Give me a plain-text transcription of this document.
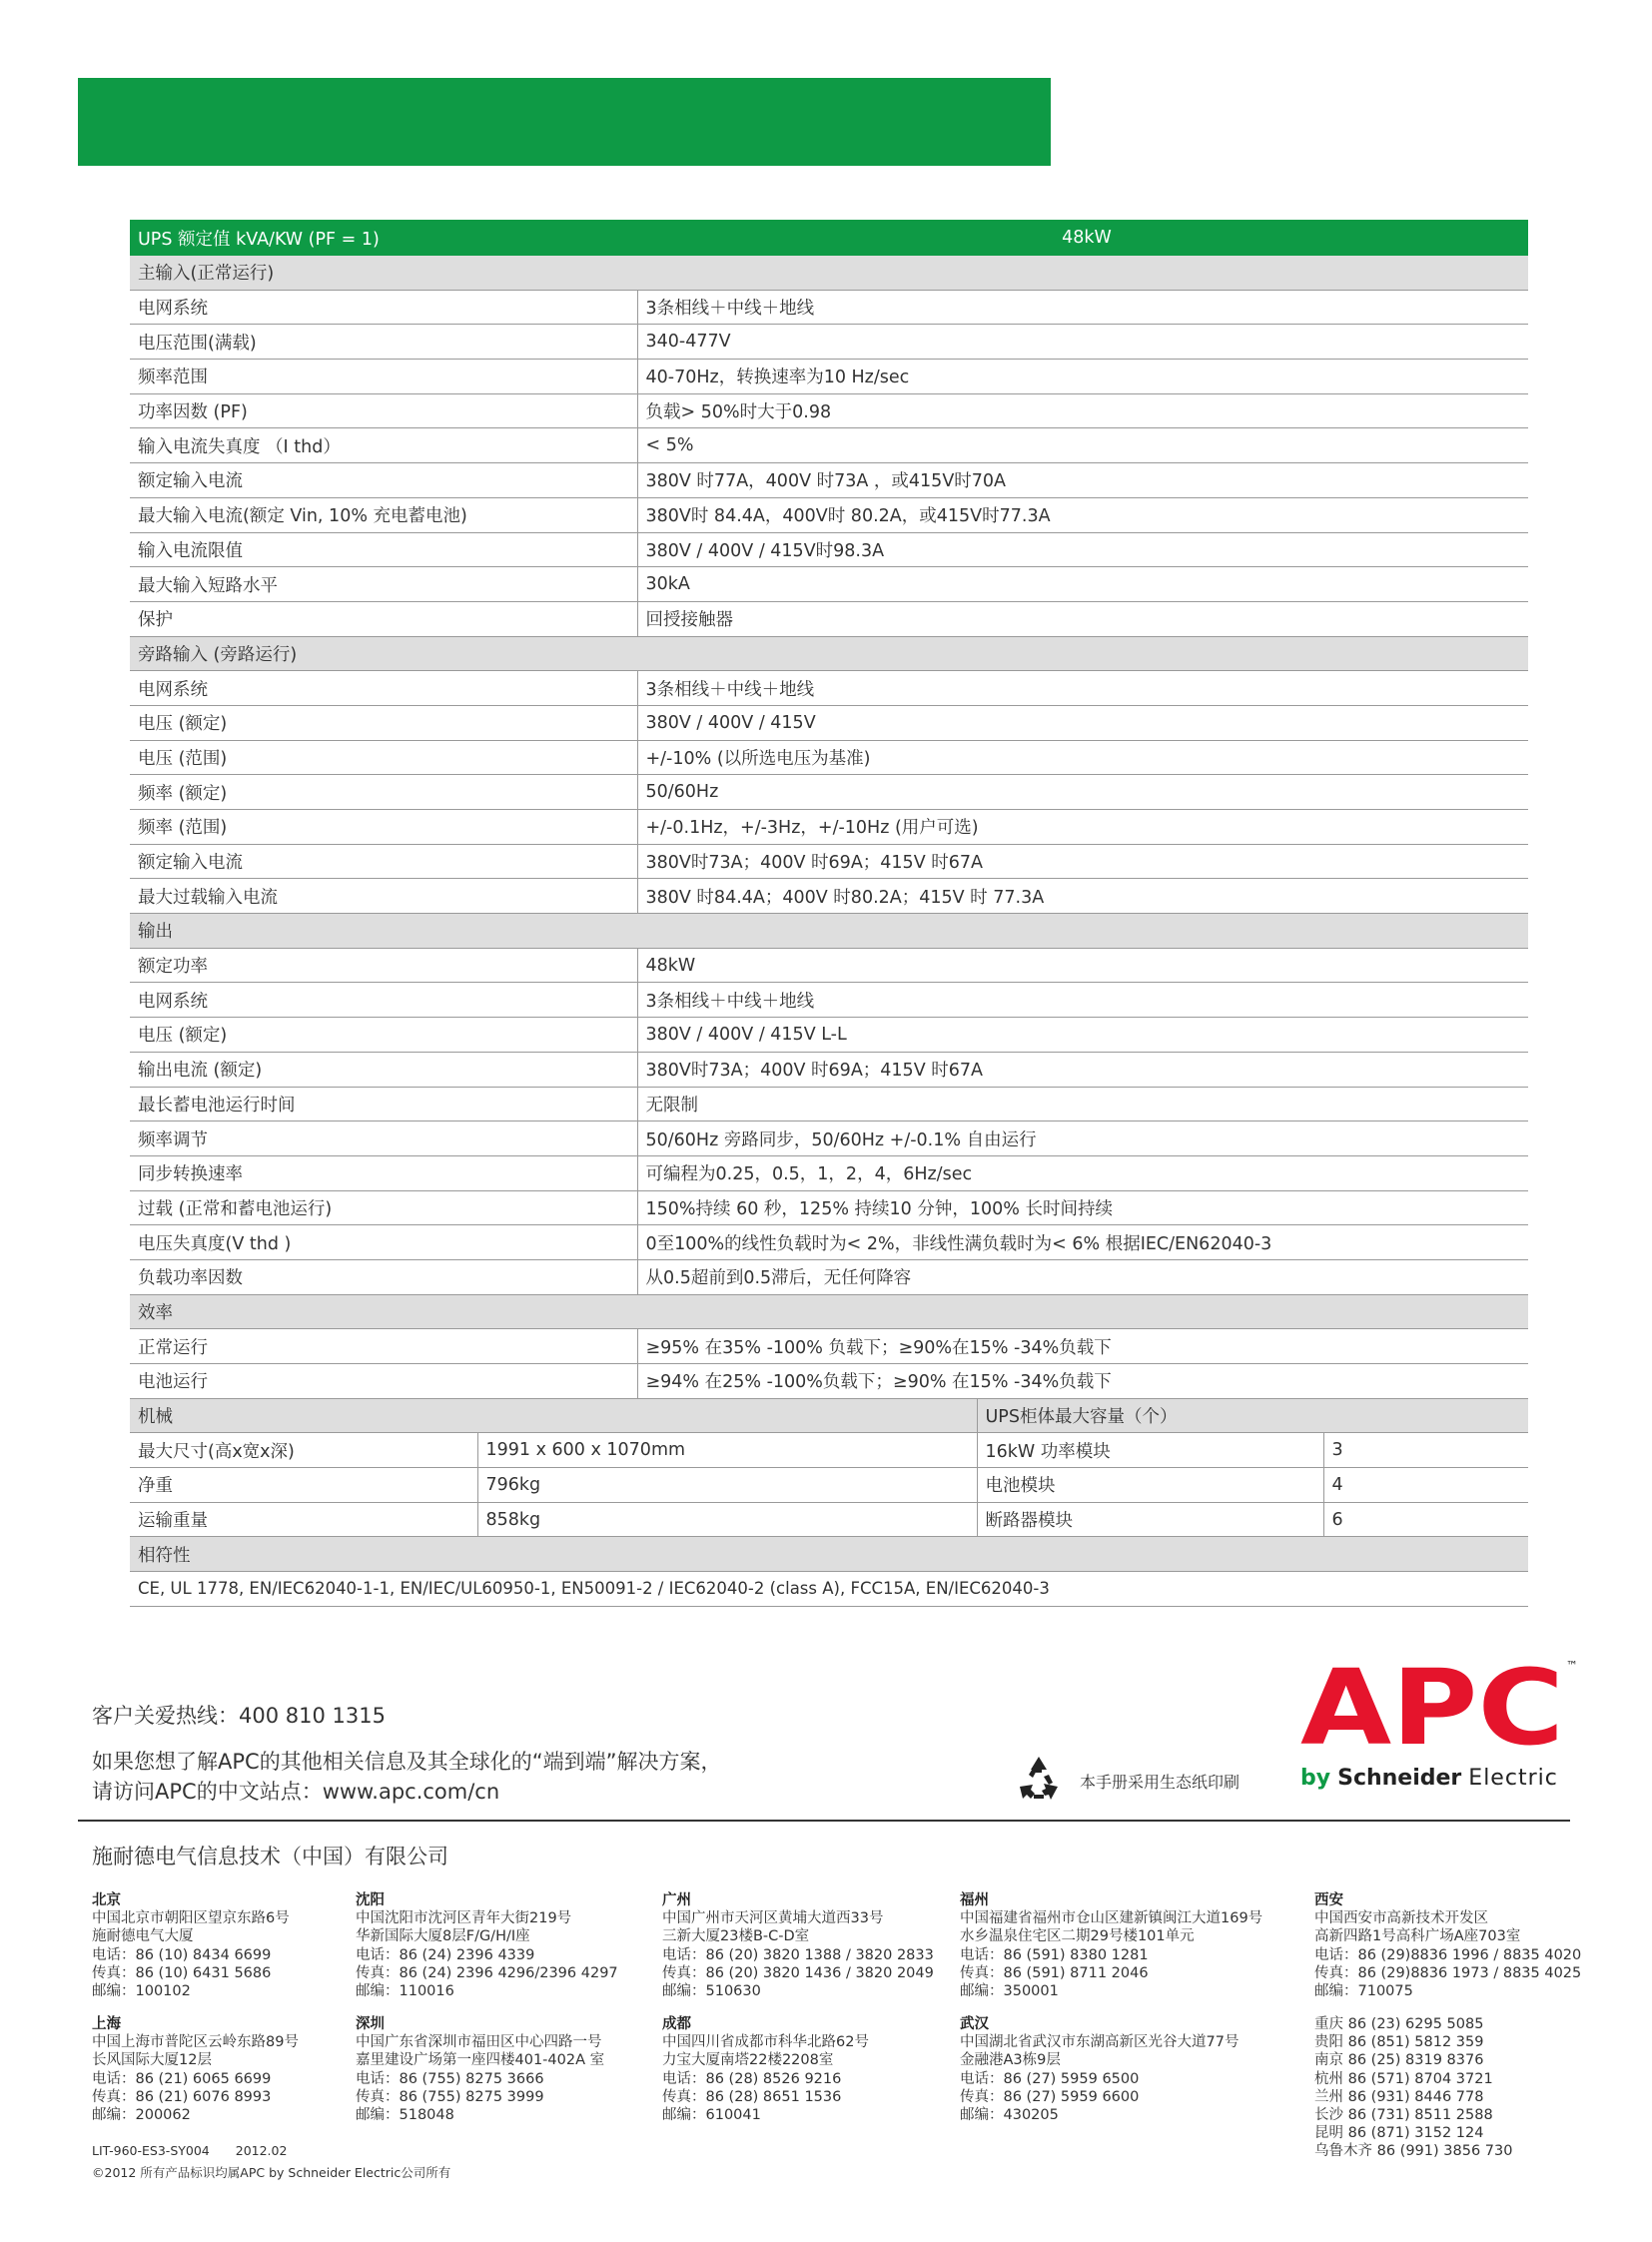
UPS 额定值 kVA/KW (PF = 1)		48kW		
主输入(正常运行)				
电网系统		3条相线＋中线＋地线		
电压范围(满载)		340-477V		
频率范围		40-70Hz，转换速率为10 Hz/sec		
功率因数 (PF)		负载> 50%时大于0.98		
输入电流失真度 （I thd）		< 5%		
额定输入电流		380V 时77A，400V 时73A ，或415V时70A		
最大输入电流(额定 Vin, 10% 充电蓄电池)		380V时 84.4A，400V时 80.2A，或415V时77.3A		
输入电流限值		380V / 400V / 415V时98.3A		
最大输入短路水平		30kA		
保护		回授接触器		
旁路输入 (旁路运行)				
电网系统		3条相线＋中线＋地线		
电压 (额定)		380V / 400V / 415V		
电压 (范围)		+/-10% (以所选电压为基准)		
频率 (额定)		50/60Hz		
频率 (范围)		+/-0.1Hz，+/-3Hz，+/-10Hz (用户可选)		
额定输入电流		380V时73A；400V 时69A；415V 时67A		
最大过载输入电流		380V 时84.4A；400V 时80.2A；415V 时 77.3A		
输出				
额定功率		48kW		
电网系统		3条相线＋中线＋地线		
电压 (额定)		380V / 400V / 415V L-L		
输出电流 (额定)		380V时73A；400V 时69A；415V 时67A		
最长蓄电池运行时间		无限制		
频率调节		50/60Hz 旁路同步，50/60Hz +/-0.1% 自由运行		
同步转换速率		可编程为0.25，0.5，1，2，4，6Hz/sec		
过载 (正常和蓄电池运行)		150%持续 60 秒，125% 持续10 分钟，100% 长时间持续		
电压失真度(V thd )		0至100%的线性负载时为< 2%，非线性满负载时为< 6% 根据IEC/EN62040-3		
负载功率因数		从0.5超前到0.5滞后，无任何降容		
效率				
正常运行		≥95% 在35% -100% 负载下；≥90%在15% -34%负载下		
电池运行		≥94% 在25% -100%负载下；≥90% 在15% -34%负载下		
机械			UPS柜体最大容量（个）	
最大尺寸(高x宽x深)	1991 x 600 x 1070mm		16kW 功率模块	3
净重	796kg		电池模块	4
运输重量	858kg		断路器模块	6
相符性				
CE, UL 1778, EN/IEC62040-1-1, EN/IEC/UL60950-1, EN50091-2 / IEC62040-2 (class A), FCC15A, EN/IEC62040-3				
客户关爱热线：400 810 1315
如果您想了解APC的其他相关信息及其全球化的“端到端”解决方案，
请访问APC的中文站点：www.apc.com/cn	本手册采用生态纸印刷
APC ™
by Schneider Electric
施耐德电气信息技术（中国）有限公司
北京
中国北京市朝阳区望京东路6号
施耐德电气大厦
电话：86 (10) 8434 6699
传真：86 (10) 6431 5686
邮编：100102
沈阳
中国沈阳市沈河区青年大街219号
华新国际大厦8层F/G/H/I座
电话：86 (24) 2396 4339
传真：86 (24) 2396 4296/2396 4297
邮编：110016
广州
中国广州市天河区黄埔大道西33号
三新大厦23楼B-C-D室
电话：86 (20) 3820 1388 / 3820 2833
传真：86 (20) 3820 1436 / 3820 2049
邮编：510630
福州
中国福建省福州市仓山区建新镇闽江大道169号
水乡温泉住宅区二期29号楼101单元
电话：86 (591) 8380 1281
传真：86 (591) 8711 2046
邮编：350001
西安
中国西安市高新技术开发区
高新四路1号高科广场A座703室
电话：86 (29)8836 1996 / 8835 4020
传真：86 (29)8836 1973 / 8835 4025
邮编：710075
上海
中国上海市普陀区云岭东路89号
长风国际大厦12层
电话：86 (21) 6065 6699
传真：86 (21) 6076 8993
邮编：200062
深圳
中国广东省深圳市福田区中心四路一号
嘉里建设广场第一座四楼401-402A 室
电话：86 (755) 8275 3666
传真：86 (755) 8275 3999
邮编：518048
成都
中国四川省成都市科华北路62号
力宝大厦南塔22楼2208室
电话：86 (28) 8526 9216
传真：86 (28) 8651 1536
邮编：610041
武汉
中国湖北省武汉市东湖高新区光谷大道77号
金融港A3栋9层
电话：86 (27) 5959 6500
传真：86 (27) 5959 6600
邮编：430205
重庆 86 (23) 6295 5085
贵阳 86 (851) 5812 359
南京 86 (25) 8319 8376
杭州 86 (571) 8704 3721
兰州 86 (931) 8446 778
长沙 86 (731) 8511 2588
昆明 86 (871) 3152 124
乌鲁木齐 86 (991) 3856 730
LIT-960-ES3-SY004 2012.02
©2012 所有产品标识均属APC by Schneider Electric公司所有
